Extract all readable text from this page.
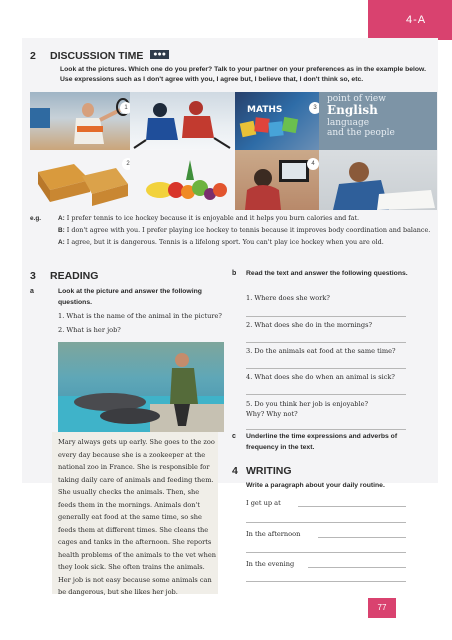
4-A
2 DISCUSSION TIME ●●●
Look at the pictures. Which one do you prefer? Talk to your partner on your preferences as in the example below. Use expressions such as I don't agree with you, I agree but, I believe that, I don't think so, etc.
1	MATHS	3
point of view
English
language
and the people
2	4
e.g.	A: I prefer tennis to ice hockey because it is enjoyable and it helps you burn calories and fat.
B: I don't agree with you. I prefer playing ice hockey to tennis because it improves body coordination and balance.
A: I agree, but it is dangerous. Tennis is a lifelong sport. You can't play ice hockey when you are old.
3 READING
a	Look at the picture and answer the following questions.
1. What is the name of the animal in the picture?
2. What is her job?
Mary always gets up early. She goes to the zoo every day because she is a zookeeper at the national zoo in France. She is responsible for taking daily care of animals and feeding them. She usually checks the animals. Then, she feeds them in the mornings. Animals don't generally eat food at the same time, so she feeds them at different times. She cleans the cages and tanks in the afternoon. She reports health problems of the animals to the vet when they look sick. She often trains the animals. Her job is not easy because some animals can be dangerous, but she likes her job.
b Read the text and answer the following questions.
1. Where does she work?
2. What does she do in the mornings?
3. Do the animals eat food at the same time?
4. What does she do when an animal is sick?
5. Do you think her job is enjoyable? Why? Why not?
c Underline the time expressions and adverbs of frequency in the text.
4 WRITING
Write a paragraph about your daily routine.
I get up at
In the afternoon
In the evening
77
